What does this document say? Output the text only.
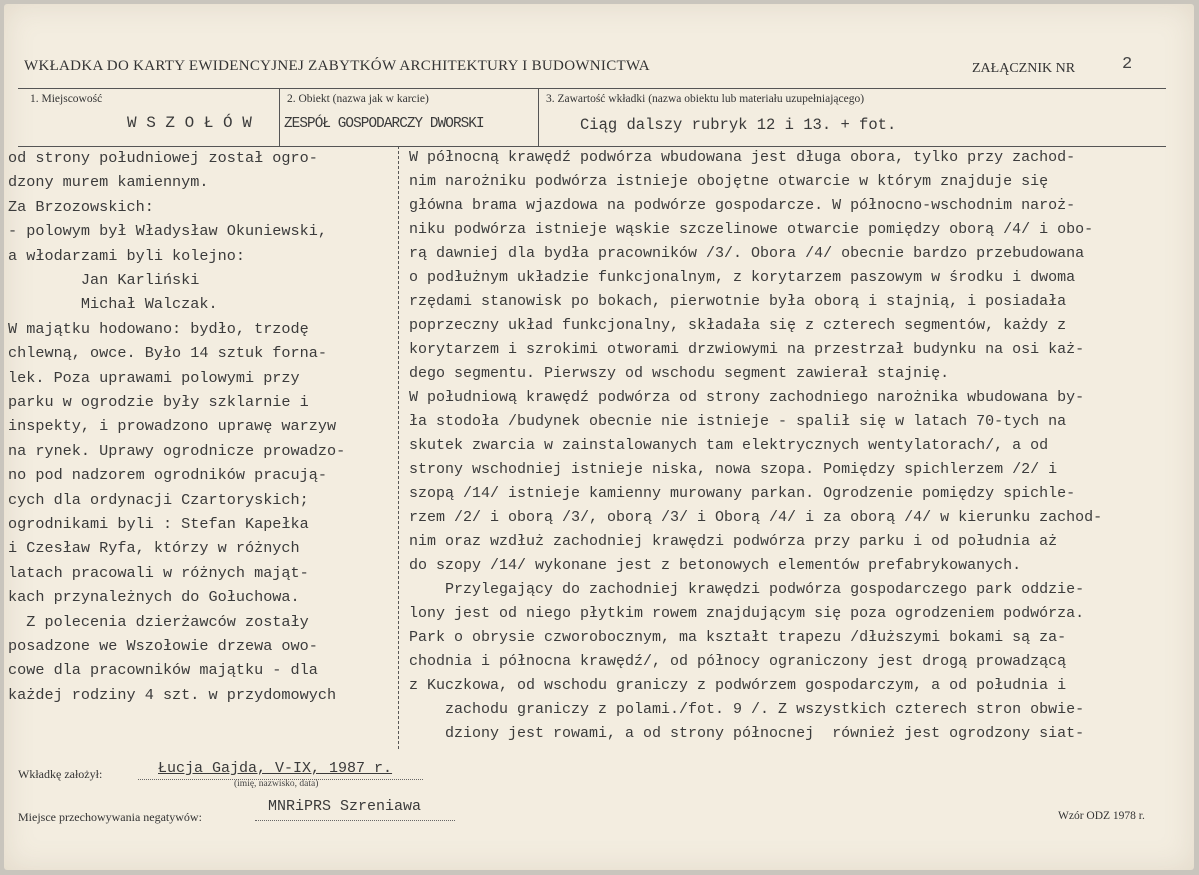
WKŁADKA DO KARTY EWIDENCYJNEJ ZABYTKÓW ARCHITEKTURY I BUDOWNICTWA	ZAŁĄCZNIK NR	2
1. Miejscowość
W S Z O Ł Ó W
2. Obiekt (nazwa jak w karcie)
ZESPÓŁ GOSPODARCZY DWORSKI
3. Zawartość wkładki (nazwa obiektu lub materiału uzupełniającego)
Ciąg dalszy rubryk 12 i 13. + fot.
od strony południowej został ogro-
dzony murem kamiennym.
Za Brzozowskich:
- polowym był Władysław Okuniewski,
a włodarzami byli kolejno:
Jan Karliński
Michał Walczak.
W majątku hodowano: bydło, trzodę
chlewną, owce. Było 14 sztuk forna-
lek. Poza uprawami polowymi przy
parku w ogrodzie były szklarnie i
inspekty, i prowadzono uprawę warzyw
na rynek. Uprawy ogrodnicze prowadzo-
no pod nadzorem ogrodników pracują-
cych dla ordynacji Czartoryskich;
ogrodnikami byli : Stefan Kapełka
i Czesław Ryfa, którzy w różnych
latach pracowali w różnych mająt-
kach przynależnych do Gołuchowa.
Z polecenia dzierżawców zostały
posadzone we Wszołowie drzewa owo-
cowe dla pracowników majątku - dla
każdej rodziny 4 szt. w przydomowych
W północną krawędź podwórza wbudowana jest długa obora, tylko przy zachod-
nim narożniku podwórza istnieje obojętne otwarcie w którym znajduje się
główna brama wjazdowa na podwórze gospodarcze. W północno-wschodnim naroż-
niku podwórza istnieje wąskie szczelinowe otwarcie pomiędzy oborą /4/ i obo-
rą dawniej dla bydła pracowników /3/. Obora /4/ obecnie bardzo przebudowana
o podłużnym układzie funkcjonalnym, z korytarzem paszowym w środku i dwoma
rzędami stanowisk po bokach, pierwotnie była oborą i stajnią, i posiadała
poprzeczny układ funkcjonalny, składała się z czterech segmentów, każdy z
korytarzem i szrokimi otworami drzwiowymi na przestrzał budynku na osi każ-
dego segmentu. Pierwszy od wschodu segment zawierał stajnię.
W południową krawędź podwórza od strony zachodniego narożnika wbudowana by-
ła stodoła /budynek obecnie nie istnieje - spalił się w latach 70-tych na
skutek zwarcia w zainstalowanych tam elektrycznych wentylatorach/, a od
strony wschodniej istnieje niska, nowa szopa. Pomiędzy spichlerzem /2/ i
szopą /14/ istnieje kamienny murowany parkan. Ogrodzenie pomiędzy spichle-
rzem /2/ i oborą /3/, oborą /3/ i Oborą /4/ i za oborą /4/ w kierunku zachod-
nim oraz wzdłuż zachodniej krawędzi podwórza przy parku i od południa aż
do szopy /14/ wykonane jest z betonowych elementów prefabrykowanych.
Przylegający do zachodniej krawędzi podwórza gospodarczego park oddzie-
lony jest od niego płytkim rowem znajdującym się poza ogrodzeniem podwórza.
Park o obrysie czworobocznym, ma kształt trapezu /dłuższymi bokami są za-
chodnia i północna krawędź/, od północy ograniczony jest drogą prowadzącą
z Kuczkowa, od wschodu graniczy z podwórzem gospodarczym, a od południa i
zachodu graniczy z polami./fot. 9 /. Z wszystkich czterech stron obwie-
dziony jest rowami, a od strony północnej  również jest ogrodzony siat-
Wkładkę założył:	Łucja Gajda, V-IX, 1987 r.
(imię, nazwisko, data)
Miejsce przechowywania negatywów:
MNRiPRS Szreniawa
Wzór ODZ 1978 r.
